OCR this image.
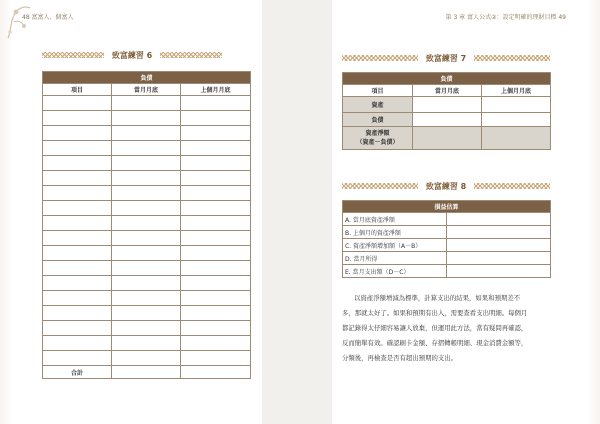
48 富富人、個富人
致富練習 6
負債		
項目	當月月底	上個月月底

合計		
第 3 章 富人公式②：設定明確的理財目標 49
致富練習 7
負債		
項目	當月月底	上個月月底
資產		
負債		

資產淨額
（資產－負債）		

致富練習 8
損益估算	
A. 當月底資產淨額	
B. 上個月的資產淨額	
C. 資產淨額增加額（A－B）	
D. 當月所得	
E. 當月支出額（D－C）	
以資產淨額增減為標準，計算支出的結果，如果和預期差不
多，那就太好了。如果和預期有出入，需要查看支出明細。每個月
都記錄得太仔細容易讓人放棄，但運用此方法，當有疑問再確認，
反而簡單有效。確認刷卡金額、存摺轉帳明細、現金消費金額等，
分類後，再檢查是否有超出預期的支出。
